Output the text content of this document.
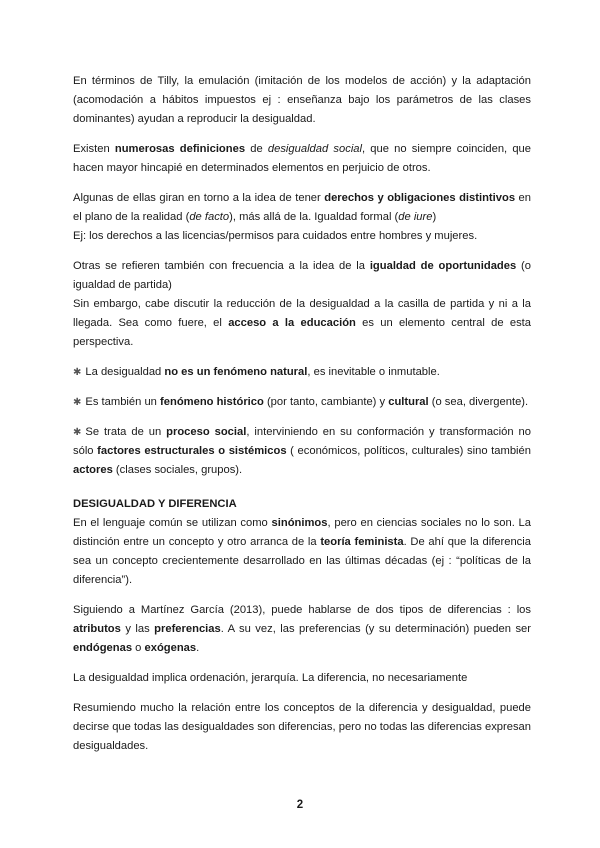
En términos de Tilly, la emulación (imitación de los modelos de acción) y la adaptación (acomodación a hábitos impuestos ej : enseñanza bajo los parámetros de las clases dominantes) ayudan a reproducir la desigualdad.

Existen numerosas definiciones de desigualdad social, que no siempre coinciden, que hacen mayor hincapié en determinados elementos en perjuicio de otros.

Algunas de ellas giran en torno a la idea de tener derechos y obligaciones distintivos en el plano de la realidad (de facto), más allá de la. Igualdad formal (de iure)
Ej: los derechos a las licencias/permisos para cuidados entre hombres y mujeres.

Otras se refieren también con frecuencia a la idea de la igualdad de oportunidades (o igualdad de partida)
Sin embargo, cabe discutir la reducción de la desigualdad a la casilla de partida y ni a la llegada. Sea como fuere, el acceso a la educación es un elemento central de esta perspectiva.

✱ La desigualdad no es un fenómeno natural, es inevitable o inmutable.

✱ Es también un fenómeno histórico (por tanto, cambiante) y cultural (o sea, divergente).

✱ Se trata de un proceso social, interviniendo en su conformación y transformación no sólo factores estructurales o sistémicos ( económicos, políticos, culturales) sino también actores (clases sociales, grupos).

DESIGUALDAD Y DIFERENCIA

En el lenguaje común se utilizan como sinónimos, pero en ciencias sociales no lo son. La distinción entre un concepto y otro arranca de la teoría feminista. De ahí que la diferencia sea un concepto crecientemente desarrollado en las últimas décadas (ej : “políticas de la diferencia”).

Siguiendo a Martínez García (2013), puede hablarse de dos tipos de diferencias : los atributos y las preferencias. A su vez, las preferencias (y su determinación) pueden ser endógenas o exógenas.

La desigualdad implica ordenación, jerarquía. La diferencia, no necesariamente

Resumiendo mucho la relación entre los conceptos de la diferencia y desigualdad, puede decirse que todas las desigualdades son diferencias, pero no todas las diferencias expresan desigualdades.

2
